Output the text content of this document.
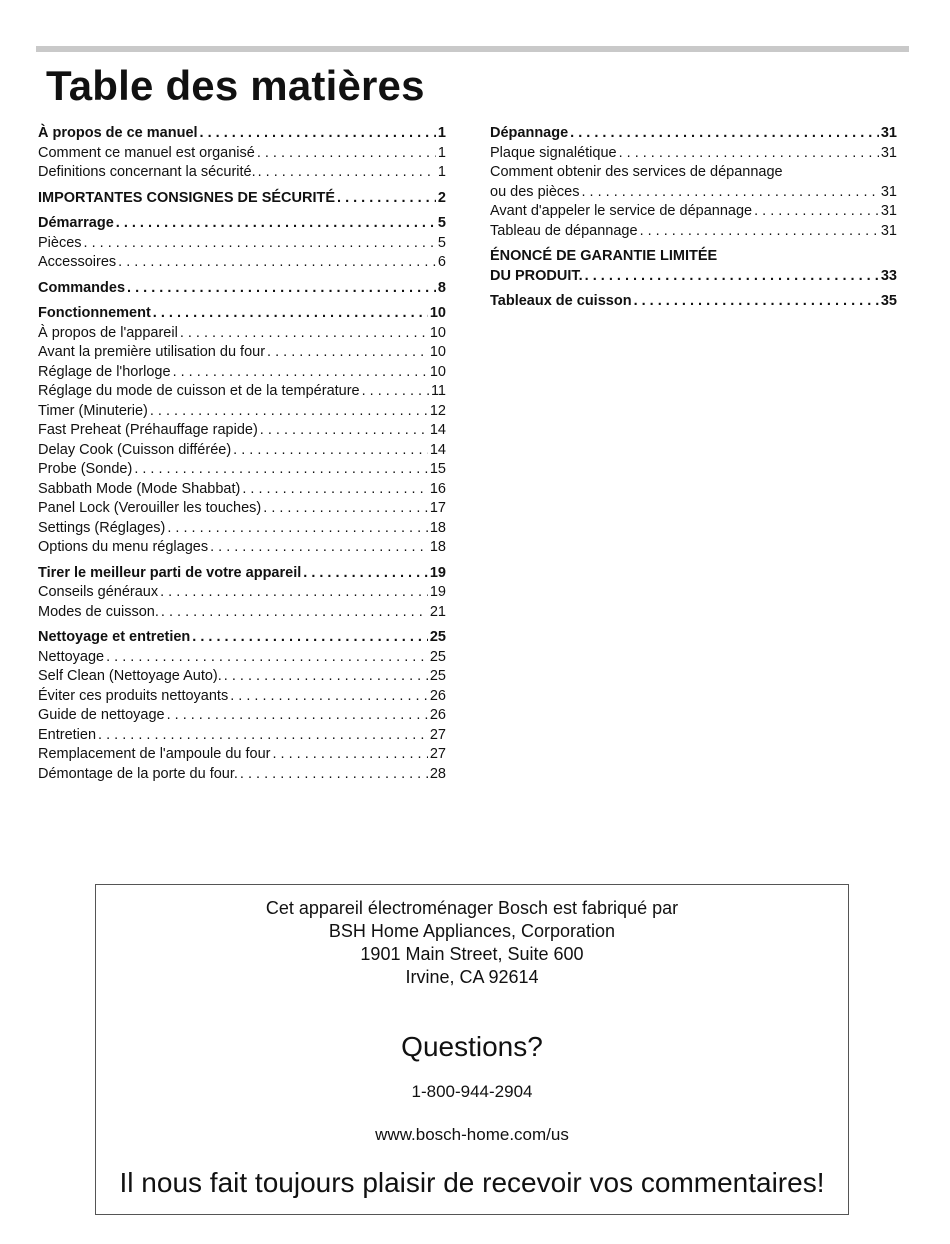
Table des matières
À propos de ce manuel . . .	1
Comment ce manuel est organisé . . .	1
Definitions concernant la sécurité. . . .	1
IMPORTANTES CONSIGNES DE SÉCURITÉ . . .	2
Démarrage . . .	5
Pièces . . .	5
Accessoires . . .	6
Commandes . . .	8
Fonctionnement . . .	10
À propos de l'appareil . . .	10
Avant la première utilisation du four . . .	10
Réglage de l'horloge . . .	10
Réglage du mode de cuisson et de la température . . .	11
Timer (Minuterie) . . .	12
Fast Preheat (Préhauffage rapide) . . .	14
Delay Cook (Cuisson différée) . . .	14
Probe (Sonde) . . .	15
Sabbath Mode (Mode Shabbat) . . .	16
Panel Lock (Verouiller les touches) . . .	17
Settings (Réglages) . . .	18
Options du menu réglages . . .	18
Tirer le meilleur parti de votre appareil . . .	19
Conseils généraux . . .	19
Modes de cuisson. . . .	21
Nettoyage et entretien . . .	25
Nettoyage . . .	25
Self Clean (Nettoyage Auto). . . .	25
Éviter ces produits nettoyants . . .	26
Guide de nettoyage . . .	26
Entretien . . .	27
Remplacement de l'ampoule du four . . .	27
Démontage de la porte du four. . . .	28
Dépannage . . .	31
Plaque signalétique . . .	31
Comment obtenir des services de dépannage
ou des pièces . . .	31
Avant d'appeler le service de dépannage . . .	31
Tableau de dépannage . . .	31
ÉNONCÉ DE GARANTIE LIMITÉE
DU PRODUIT. . . .	33
Tableaux de cuisson . . .	35
Cet appareil électroménager Bosch est fabriqué par
BSH Home Appliances, Corporation
1901 Main Street, Suite 600
Irvine, CA 92614
Questions?
1-800-944-2904
www.bosch-home.com/us
Il nous fait toujours plaisir de recevoir vos commentaires!
